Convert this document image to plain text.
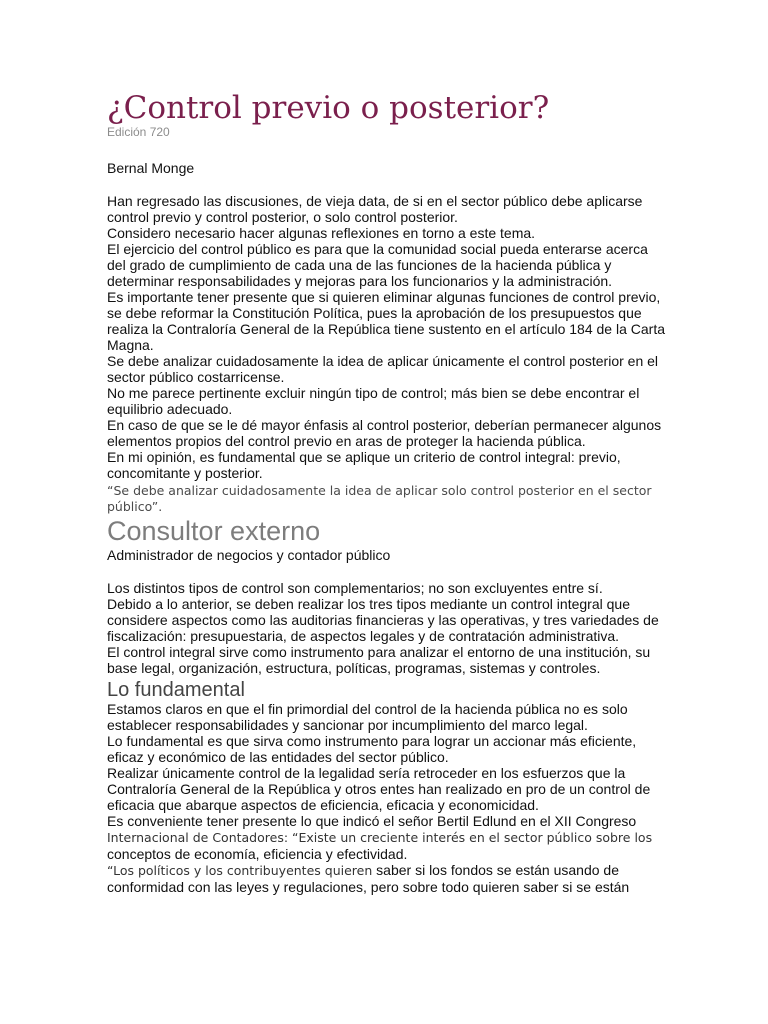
¿Control previo o posterior?

Edición 720

Bernal Monge

Han regresado las discusiones, de vieja data, de si en el sector público debe aplicarse control previo y control posterior, o solo control posterior.

Considero necesario hacer algunas reflexiones en torno a este tema.

El ejercicio del control público es para que la comunidad social pueda enterarse acerca del grado de cumplimiento de cada una de las funciones de la hacienda pública y determinar responsabilidades y mejoras para los funcionarios y la administración.

Es importante tener presente que si quieren eliminar algunas funciones de control previo, se debe reformar la Constitución Política, pues la aprobación de los presupuestos que realiza la Contraloría General de la República tiene sustento en el artículo 184 de la Carta Magna.

Se debe analizar cuidadosamente la idea de aplicar únicamente el control posterior en el sector público costarricense.

No me parece pertinente excluir ningún tipo de control; más bien se debe encontrar el equilibrio adecuado.

En caso de que se le dé mayor énfasis al control posterior, deberían permanecer algunos elementos propios del control previo en aras de proteger la hacienda pública.

En mi opinión, es fundamental que se aplique un criterio de control integral: previo, concomitante y posterior.

“Se debe analizar cuidadosamente la idea de aplicar solo control posterior en el sector público”.

Consultor externo

Administrador de negocios y contador público

Los distintos tipos de control son complementarios; no son excluyentes entre sí.

Debido a lo anterior, se deben realizar los tres tipos mediante un control integral que considere aspectos como las auditorias financieras y las operativas, y tres variedades de fiscalización: presupuestaria, de aspectos legales y de contratación administrativa.

El control integral sirve como instrumento para analizar el entorno de una institución, su base legal, organización, estructura, políticas, programas, sistemas y controles.

Lo fundamental

Estamos claros en que el fin primordial del control de la hacienda pública no es solo establecer responsabilidades y sancionar por incumplimiento del marco legal.

Lo fundamental es que sirva como instrumento para lograr un accionar más eficiente, eficaz y económico de las entidades del sector público.

Realizar únicamente control de la legalidad sería retroceder en los esfuerzos que la Contraloría General de la República y otros entes han realizado en pro de un control de eficacia que abarque aspectos de eficiencia, eficacia y economicidad.

Es conveniente tener presente lo que indicó el señor Bertil Edlund en el XII Congreso

Internacional de Contadores: “Existe un creciente interés en el sector público sobre los

conceptos de economía, eficiencia y efectividad.

“Los políticos y los contribuyentes quieren saber si los fondos se están usando de

conformidad con las leyes y regulaciones, pero sobre todo quieren saber si se están
